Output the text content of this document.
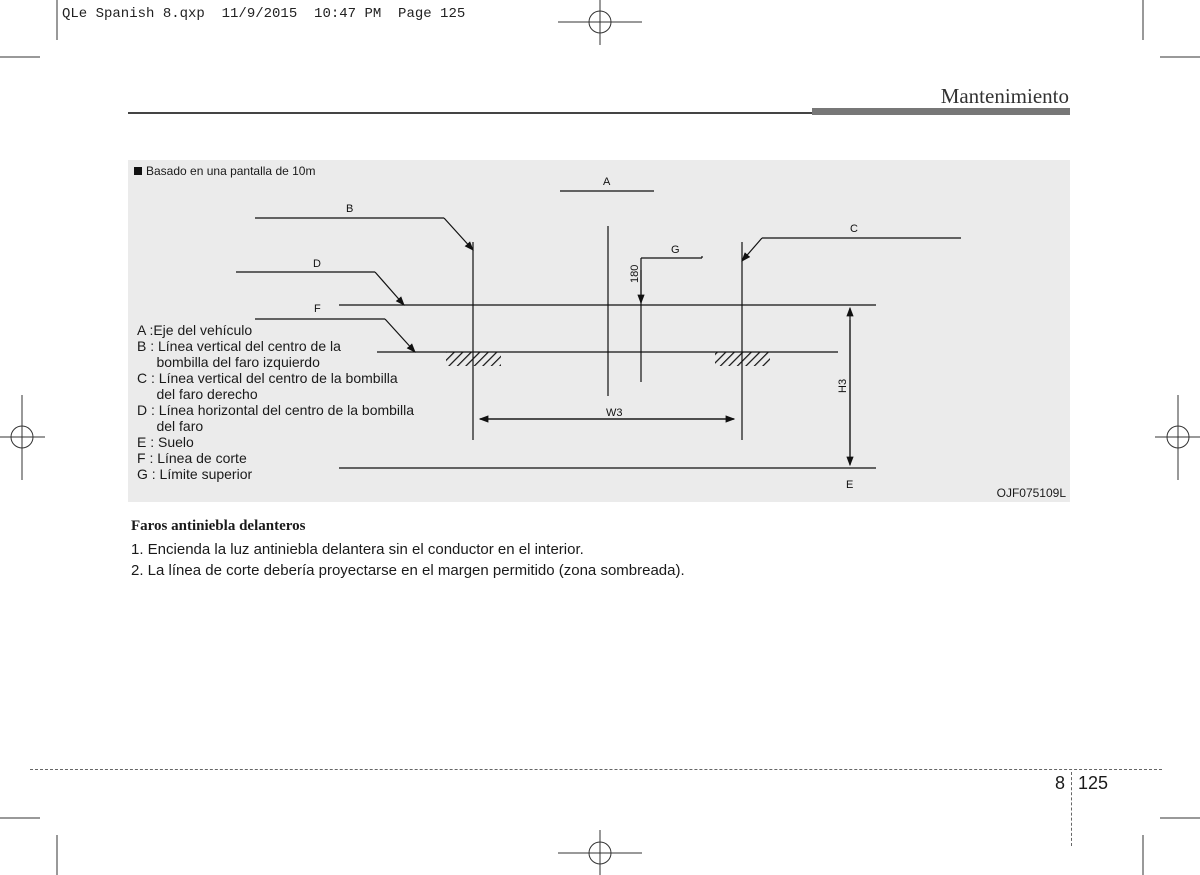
QLe Spanish 8.qxp  11/9/2015  10:47 PM  Page 125
Mantenimiento
A
B
C
D
F
G
E
W3
180
H3
Basado en una pantalla de 10m
A :Eje del vehículo
B : Línea vertical del centro de la
bombilla del faro izquierdo
C : Línea vertical del centro de la bombilla
del faro derecho
D : Línea horizontal del centro de la bombilla
del faro
E : Suelo
F : Línea de corte
G : Límite superior
OJF075109L
Faros antiniebla delanteros
1. Encienda la luz antiniebla delantera sin el conductor en el interior.
2. La línea de corte debería proyectarse en el margen permitido (zona sombreada).
8 125
